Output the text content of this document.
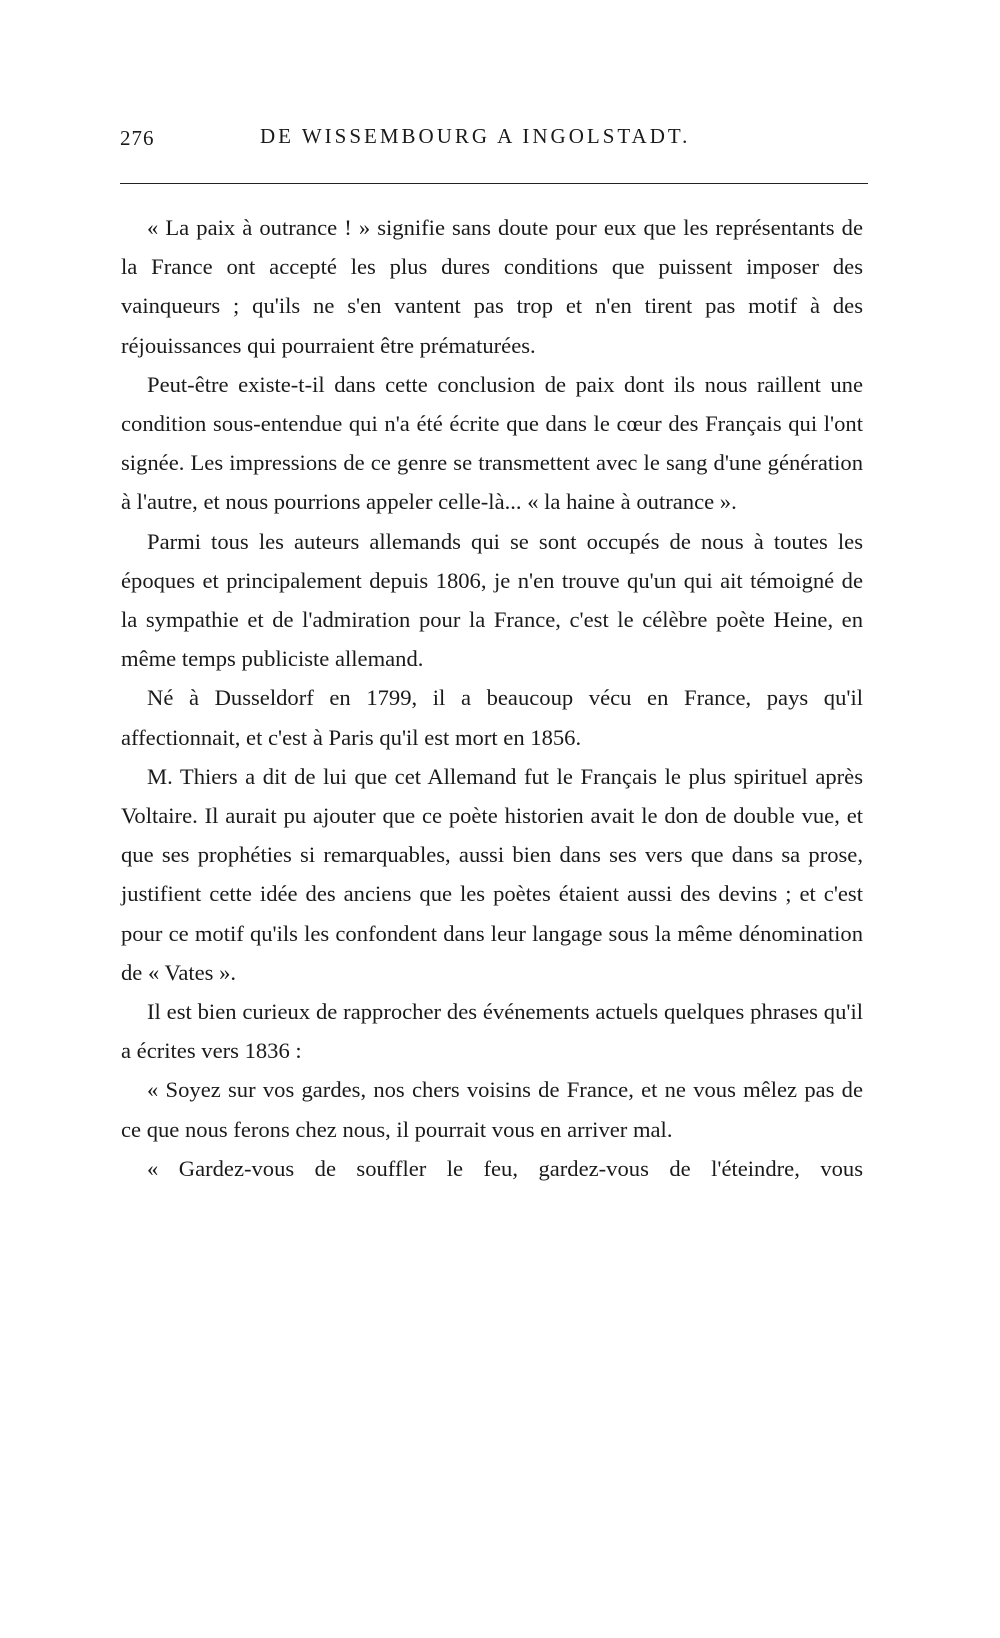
276	DE WISSEMBOURG A INGOLSTADT.

« La paix à outrance ! » signifie sans doute pour eux que les représentants de la France ont accepté les plus dures conditions que puissent imposer des vainqueurs ; qu'ils ne s'en vantent pas trop et n'en tirent pas motif à des réjouissances qui pourraient être prématurées.

Peut-être existe-t-il dans cette conclusion de paix dont ils nous raillent une condition sous-entendue qui n'a été écrite que dans le cœur des Français qui l'ont signée. Les impressions de ce genre se transmettent avec le sang d'une génération à l'autre, et nous pourrions appeler celle-là... « la haine à outrance ».

Parmi tous les auteurs allemands qui se sont occupés de nous à toutes les époques et principalement depuis 1806, je n'en trouve qu'un qui ait témoigné de la sympathie et de l'admiration pour la France, c'est le célèbre poète Heine, en même temps publiciste allemand.

Né à Dusseldorf en 1799, il a beaucoup vécu en France, pays qu'il affectionnait, et c'est à Paris qu'il est mort en 1856.

M. Thiers a dit de lui que cet Allemand fut le Français le plus spirituel après Voltaire. Il aurait pu ajouter que ce poète historien avait le don de double vue, et que ses prophéties si remarquables, aussi bien dans ses vers que dans sa prose, justifient cette idée des anciens que les poètes étaient aussi des devins ; et c'est pour ce motif qu'ils les confondent dans leur langage sous la même dénomination de « Vates ».

Il est bien curieux de rapprocher des événements actuels quelques phrases qu'il a écrites vers 1836 :

« Soyez sur vos gardes, nos chers voisins de France, et ne vous mêlez pas de ce que nous ferons chez nous, il pourrait vous en arriver mal.

« Gardez-vous de souffler le feu, gardez-vous de l'éteindre, vous
